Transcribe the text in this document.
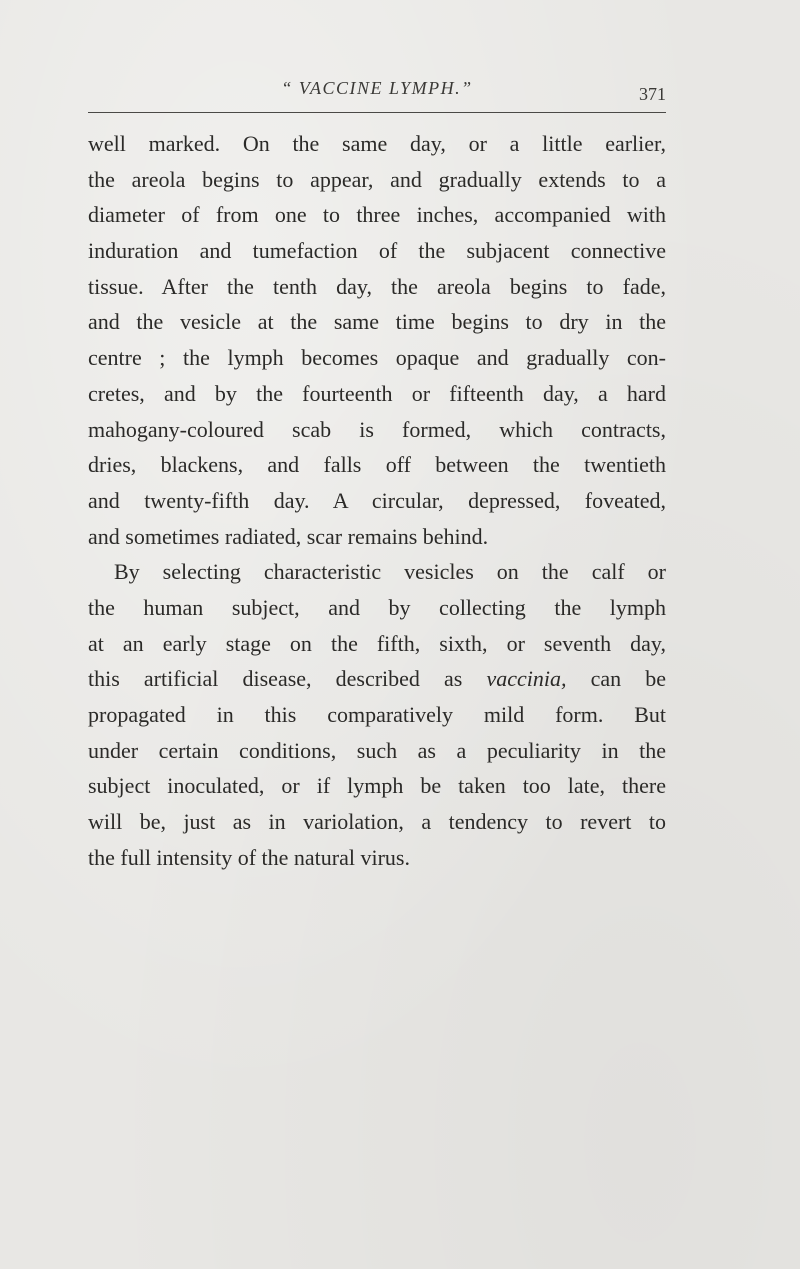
“ VACCINE LYMPH.”	371
well marked. On the same day, or a little earlier,
the areola begins to appear, and gradually extends to a
diameter of from one to three inches, accompanied with
induration and tumefaction of the subjacent connective
tissue. After the tenth day, the areola begins to fade,
and the vesicle at the same time begins to dry in the
centre ; the lymph becomes opaque and gradually con-
cretes, and by the fourteenth or fifteenth day, a hard
mahogany-coloured scab is formed, which contracts,
dries, blackens, and falls off between the twentieth
and twenty-fifth day. A circular, depressed, foveated,
and sometimes radiated, scar remains behind.
By selecting characteristic vesicles on the calf or
the human subject, and by collecting the lymph
at an early stage on the fifth, sixth, or seventh day,
this artificial disease, described as vaccinia, can be
propagated in this comparatively mild form. But
under certain conditions, such as a peculiarity in the
subject inoculated, or if lymph be taken too late, there
will be, just as in variolation, a tendency to revert to
the full intensity of the natural virus.
